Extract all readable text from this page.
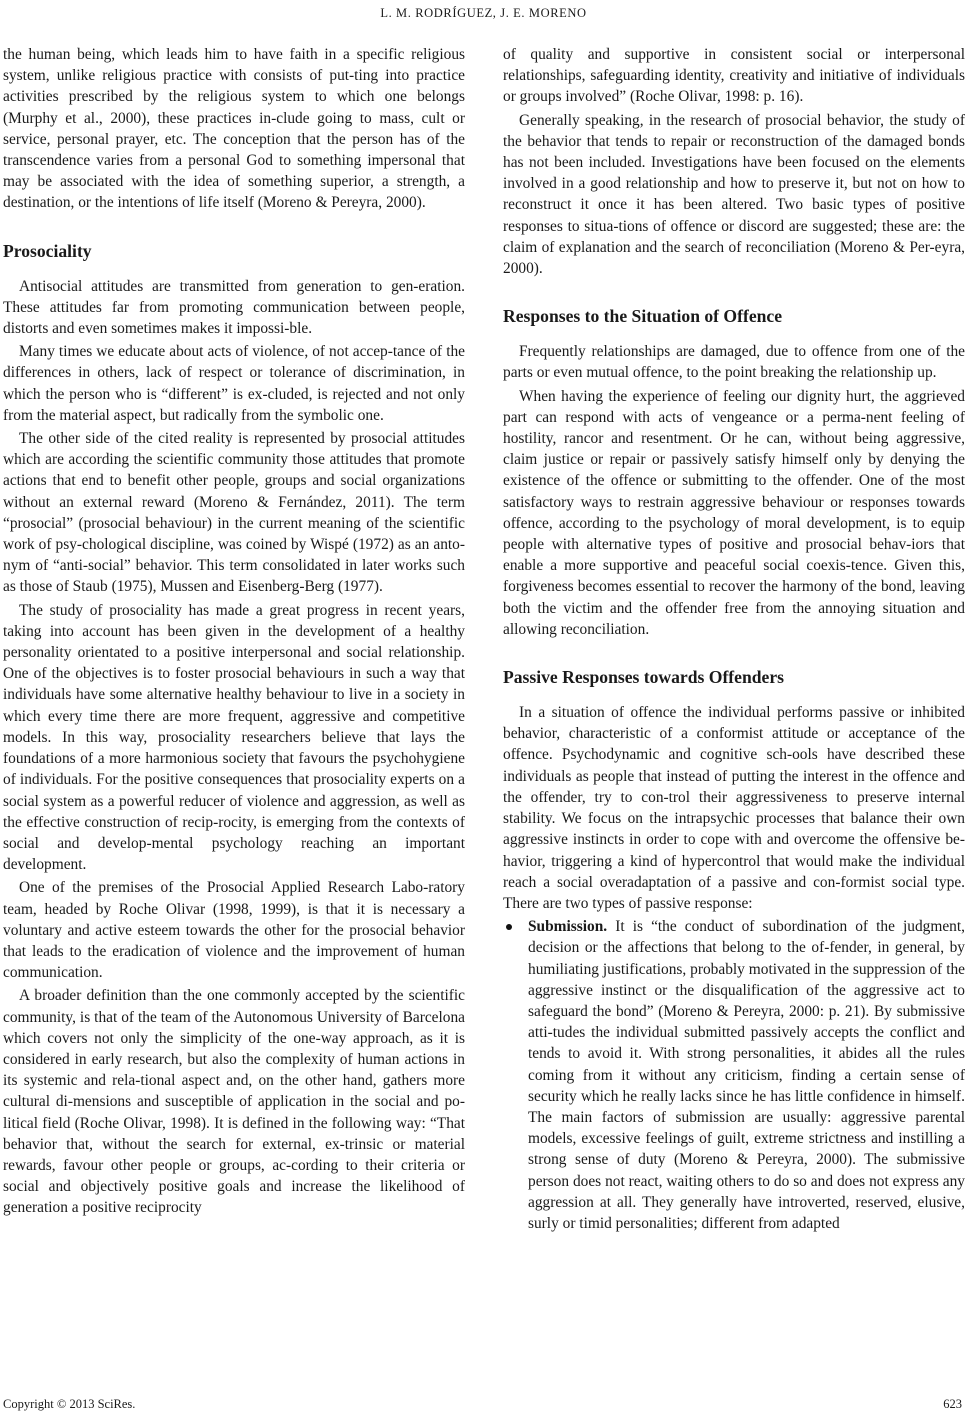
L. M. RODRÍGUEZ, J. E. MORENO

the human being, which leads him to have faith in a specific religious system, unlike religious practice with consists of put-ting into practice activities prescribed by the religious system to which one belongs (Murphy et al., 2000), these practices in-clude going to mass, cult or service, personal prayer, etc. The conception that the person has of the transcendence varies from a personal God to something impersonal that may be associated with the idea of something superior, a strength, a destination, or the intentions of life itself (Moreno & Pereyra, 2000).

Prosociality

Antisocial attitudes are transmitted from generation to gen-eration. These attitudes far from promoting communication between people, distorts and even sometimes makes it impossi-ble.

Many times we educate about acts of violence, of not accep-tance of the differences in others, lack of respect or tolerance of discrimination, in which the person who is “different” is ex-cluded, is rejected and not only from the material aspect, but radically from the symbolic one.

The other side of the cited reality is represented by prosocial attitudes which are according the scientific community those attitudes that promote actions that end to benefit other people, groups and social organizations without an external reward (Moreno & Fernández, 2011). The term “prosocial” (prosocial behaviour) in the current meaning of the scientific work of psy-chological discipline, was coined by Wispé (1972) as an anto-nym of “anti-social” behavior. This term consolidated in later works such as those of Staub (1975), Mussen and Eisenberg-Berg (1977).

The study of prosociality has made a great progress in recent years, taking into account has been given in the development of a healthy personality orientated to a positive interpersonal and social relationship. One of the objectives is to foster prosocial behaviours in such a way that individuals have some alternative healthy behaviour to live in a society in which every time there are more frequent, aggressive and competitive models. In this way, prosociality researchers believe that lays the foundations of a more harmonious society that favours the psychohygiene of individuals. For the positive consequences that prosociality experts on a social system as a powerful reducer of violence and aggression, as well as the effective construction of recip-rocity, is emerging from the contexts of social and develop-mental psychology reaching an important development.

One of the premises of the Prosocial Applied Research Labo-ratory team, headed by Roche Olivar (1998, 1999), is that it is necessary a voluntary and active esteem towards the other for the prosocial behavior that leads to the eradication of violence and the improvement of human communication.

A broader definition than the one commonly accepted by the scientific community, is that of the team of the Autonomous University of Barcelona which covers not only the simplicity of the one-way approach, as it is considered in early research, but also the complexity of human actions in its systemic and rela-tional aspect and, on the other hand, gathers more cultural di-mensions and susceptible of application in the social and po-litical field (Roche Olivar, 1998). It is defined in the following way: “That behavior that, without the search for external, ex-trinsic or material rewards, favour other people or groups, ac-cording to their criteria or social and objectively positive goals and increase the likelihood of generation a positive reciprocity

of quality and supportive in consistent social or interpersonal relationships, safeguarding identity, creativity and initiative of individuals or groups involved” (Roche Olivar, 1998: p. 16).

Generally speaking, in the research of prosocial behavior, the study of the behavior that tends to repair or reconstruction of the damaged bonds has not been included. Investigations have been focused on the elements involved in a good relationship and how to preserve it, but not on how to reconstruct it once it has been altered. Two basic types of positive responses to situa-tions of offence or discord are suggested; these are: the claim of explanation and the search of reconciliation (Moreno & Per-eyra, 2000).

Responses to the Situation of Offence

Frequently relationships are damaged, due to offence from one of the parts or even mutual offence, to the point breaking the relationship up.

When having the experience of feeling our dignity hurt, the aggrieved part can respond with acts of vengeance or a perma-nent feeling of hostility, rancor and resentment. Or he can, without being aggressive, claim justice or repair or passively satisfy himself only by denying the existence of the offence or submitting to the offender. One of the most satisfactory ways to restrain aggressive behaviour or responses towards offence, according to the psychology of moral development, is to equip people with alternative types of positive and prosocial behav-iors that enable a more supportive and peaceful social coexis-tence. Given this, forgiveness becomes essential to recover the harmony of the bond, leaving both the victim and the offender free from the annoying situation and allowing reconciliation.

Passive Responses towards Offenders

In a situation of offence the individual performs passive or inhibited behavior, characteristic of a conformist attitude or acceptance of the offence. Psychodynamic and cognitive sch-ools have described these individuals as people that instead of putting the interest in the offence and the offender, try to con-trol their aggressiveness to preserve internal stability. We focus on the intrapsychic processes that balance their own aggressive instincts in order to cope with and overcome the offensive be-havior, triggering a kind of hypercontrol that would make the individual reach a social overadaptation of a passive and con-formist social type. There are two types of passive response:

Submission. It is “the conduct of subordination of the judgment, decision or the affections that belong to the of-fender, in general, by humiliating justifications, probably motivated in the suppression of the aggressive instinct or the disqualification of the aggressive act to safeguard the bond” (Moreno & Pereyra, 2000: p. 21). By submissive atti-tudes the individual submitted passively accepts the conflict and tends to avoid it. With strong personalities, it abides all the rules coming from it without any criticism, finding a certain sense of security which he really lacks since he has little confidence in himself. The main factors of submission are usually: aggressive parental models, excessive feelings of guilt, extreme strictness and instilling a strong sense of duty (Moreno & Pereyra, 2000). The submissive person does not react, waiting others to do so and does not express any aggression at all. They generally have introverted, reserved, elusive, surly or timid personalities; different from adapted
Copyright © 2013 SciRes.	623
